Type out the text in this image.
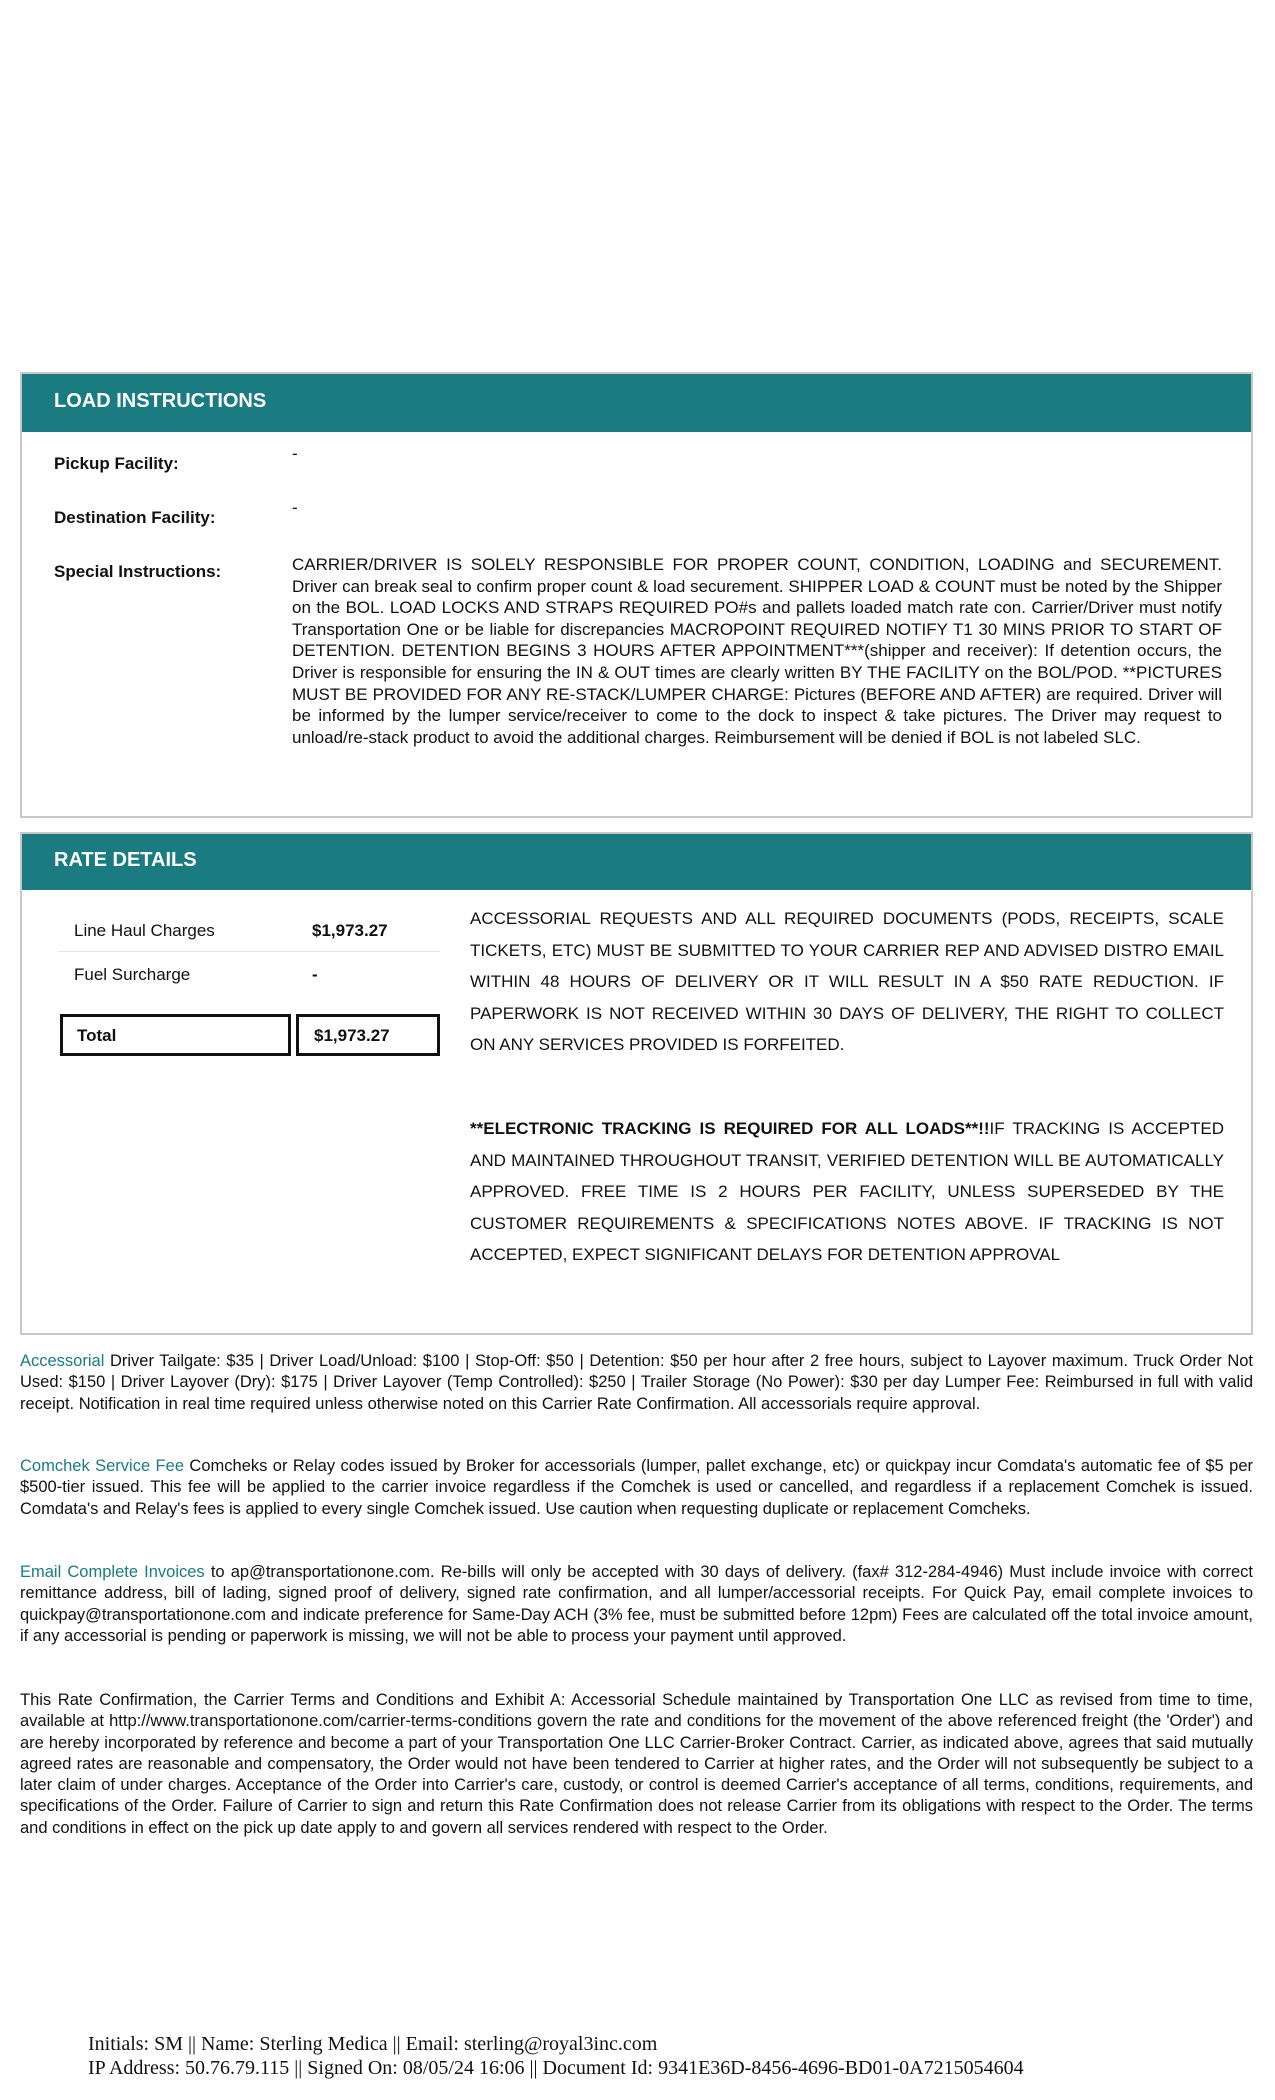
LOAD INSTRUCTIONS
Pickup Facility:
-
Destination Facility:
-
Special Instructions:	CARRIER/DRIVER IS SOLELY RESPONSIBLE FOR PROPER COUNT, CONDITION, LOADING and SECUREMENT. Driver can break seal to confirm proper count & load securement. SHIPPER LOAD & COUNT must be noted by the Shipper on the BOL. LOAD LOCKS AND STRAPS REQUIRED PO#s and pallets loaded match rate con. Carrier/Driver must notify Transportation One or be liable for discrepancies MACROPOINT REQUIRED NOTIFY T1 30 MINS PRIOR TO START OF DETENTION. DETENTION BEGINS 3 HOURS AFTER APPOINTMENT***(shipper and receiver): If detention occurs, the Driver is responsible for ensuring the IN & OUT times are clearly written BY THE FACILITY on the BOL/POD. **PICTURES MUST BE PROVIDED FOR ANY RE-STACK/LUMPER CHARGE: Pictures (BEFORE AND AFTER) are required. Driver will be informed by the lumper service/receiver to come to the dock to inspect & take pictures. The Driver may request to unload/re-stack product to avoid the additional charges. Reimbursement will be denied if BOL is not labeled SLC.
RATE DETAILS
Line Haul Charges	$1,973.27
Fuel Surcharge	-
Total	$1,973.27
ACCESSORIAL REQUESTS AND ALL REQUIRED DOCUMENTS (PODS, RECEIPTS, SCALE TICKETS, ETC) MUST BE SUBMITTED TO YOUR CARRIER REP AND ADVISED DISTRO EMAIL WITHIN 48 HOURS OF DELIVERY OR IT WILL RESULT IN A $50 RATE REDUCTION. IF PAPERWORK IS NOT RECEIVED WITHIN 30 DAYS OF DELIVERY, THE RIGHT TO COLLECT ON ANY SERVICES PROVIDED IS FORFEITED.
**ELECTRONIC TRACKING IS REQUIRED FOR ALL LOADS**!!IF TRACKING IS ACCEPTED AND MAINTAINED THROUGHOUT TRANSIT, VERIFIED DETENTION WILL BE AUTOMATICALLY APPROVED. FREE TIME IS 2 HOURS PER FACILITY, UNLESS SUPERSEDED BY THE CUSTOMER REQUIREMENTS & SPECIFICATIONS NOTES ABOVE. IF TRACKING IS NOT ACCEPTED, EXPECT SIGNIFICANT DELAYS FOR DETENTION APPROVAL
Accessorial Driver Tailgate: $35 | Driver Load/Unload: $100 | Stop-Off: $50 | Detention: $50 per hour after 2 free hours, subject to Layover maximum. Truck Order Not Used: $150 | Driver Layover (Dry): $175 | Driver Layover (Temp Controlled): $250 | Trailer Storage (No Power): $30 per day Lumper Fee: Reimbursed in full with valid receipt. Notification in real time required unless otherwise noted on this Carrier Rate Confirmation. All accessorials require approval.
Comchek Service Fee Comcheks or Relay codes issued by Broker for accessorials (lumper, pallet exchange, etc) or quickpay incur Comdata's automatic fee of $5 per $500-tier issued. This fee will be applied to the carrier invoice regardless if the Comchek is used or cancelled, and regardless if a replacement Comchek is issued. Comdata's and Relay's fees is applied to every single Comchek issued. Use caution when requesting duplicate or replacement Comcheks.
Email Complete Invoices to ap@transportationone.com. Re-bills will only be accepted with 30 days of delivery. (fax# 312-284-4946) Must include invoice with correct remittance address, bill of lading, signed proof of delivery, signed rate confirmation, and all lumper/accessorial receipts. For Quick Pay, email complete invoices to quickpay@transportationone.com and indicate preference for Same-Day ACH (3% fee, must be submitted before 12pm) Fees are calculated off the total invoice amount, if any accessorial is pending or paperwork is missing, we will not be able to process your payment until approved.
This Rate Confirmation, the Carrier Terms and Conditions and Exhibit A: Accessorial Schedule maintained by Transportation One LLC as revised from time to time, available at http://www.transportationone.com/carrier-terms-conditions govern the rate and conditions for the movement of the above referenced freight (the 'Order') and are hereby incorporated by reference and become a part of your Transportation One LLC Carrier-Broker Contract. Carrier, as indicated above, agrees that said mutually agreed rates are reasonable and compensatory, the Order would not have been tendered to Carrier at higher rates, and the Order will not subsequently be subject to a later claim of under charges. Acceptance of the Order into Carrier's care, custody, or control is deemed Carrier's acceptance of all terms, conditions, requirements, and specifications of the Order. Failure of Carrier to sign and return this Rate Confirmation does not release Carrier from its obligations with respect to the Order. The terms and conditions in effect on the pick up date apply to and govern all services rendered with respect to the Order.
Initials: SM || Name: Sterling Medica || Email: sterling@royal3inc.com
IP Address: 50.76.79.115 || Signed On: 08/05/24 16:06 || Document Id: 9341E36D-8456-4696-BD01-0A7215054604
